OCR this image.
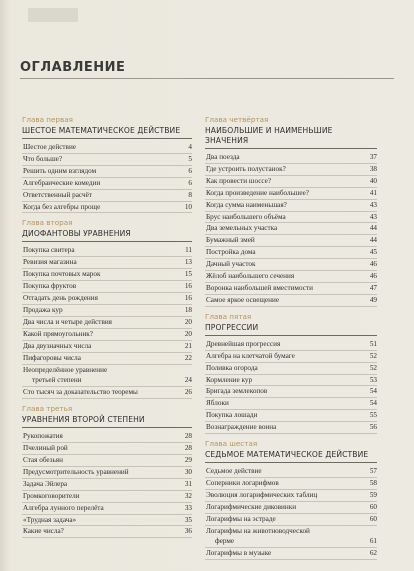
ОГЛАВЛЕНИЕ
Глава первая
ШЕСТОЕ МАТЕМАТИЧЕСКОЕ ДЕЙСТВИЕ
Шестое действие	4
Что больше?	5
Решить одним взглядом	6
Алгебраические комедии	6
Ответственный расчёт	8
Когда без алгебры проще	10
Глава вторая
ДИОФАНТОВЫ УРАВНЕНИЯ
Покупка свитера	11
Ревизия магазина	13
Покупка почтовых марок	15
Покупка фруктов	16
Отгадать день рождения	16
Продажа кур	18
Два числа и четыре действия	20
Какой прямоугольник?	20
Два двузначных числа	21
Пифагоровы числа	22
Неопределённое уравнение
третьей степени	24
Сто тысяч за доказательство теоремы	26
Глава третья
УРАВНЕНИЯ ВТОРОЙ СТЕПЕНИ
Рукопожатия	28
Пчелиный рой	28
Стая обезьян	29
Предусмотрительность уравнений	30
Задача Эйлера	31
Громкоговорители	32
Алгебра лунного перелёта	33
«Трудная задача»	35
Какие числа?	36
Глава четвёртая
НАИБОЛЬШИЕ И НАИМЕНЬШИЕ ЗНАЧЕНИЯ
Два поезда	37
Где устроить полустанок?	38
Как провести шоссе?	40
Когда произведение наибольшее?	41
Когда сумма наименьшая?	43
Брус наибольшего объёма	43
Два земельных участка	44
Бумажный змей	44
Постройка дома	45
Дачный участок	46
Жёлоб наибольшего сечения	46
Воронка наибольшей вместимости	47
Самое яркое освещение	49
Глава пятая
ПРОГРЕССИИ
Древнейшая прогрессия	51
Алгебра на клетчатой бумаге	52
Поливка огорода	52
Кормление кур	53
Бригада землекопов	54
Яблоки	54
Покупка лошади	55
Вознаграждение воина	56
Глава шестая
СЕДЬМОЕ МАТЕМАТИЧЕСКОЕ ДЕЙСТВИЕ
Седьмое действие	57
Соперники логарифмов	58
Эволюция логарифмических таблиц	59
Логарифмические диковинки	60
Логарифмы на эстраде	60
Логарифмы на животноводческой
ферме	61
Логарифмы в музыке	62
